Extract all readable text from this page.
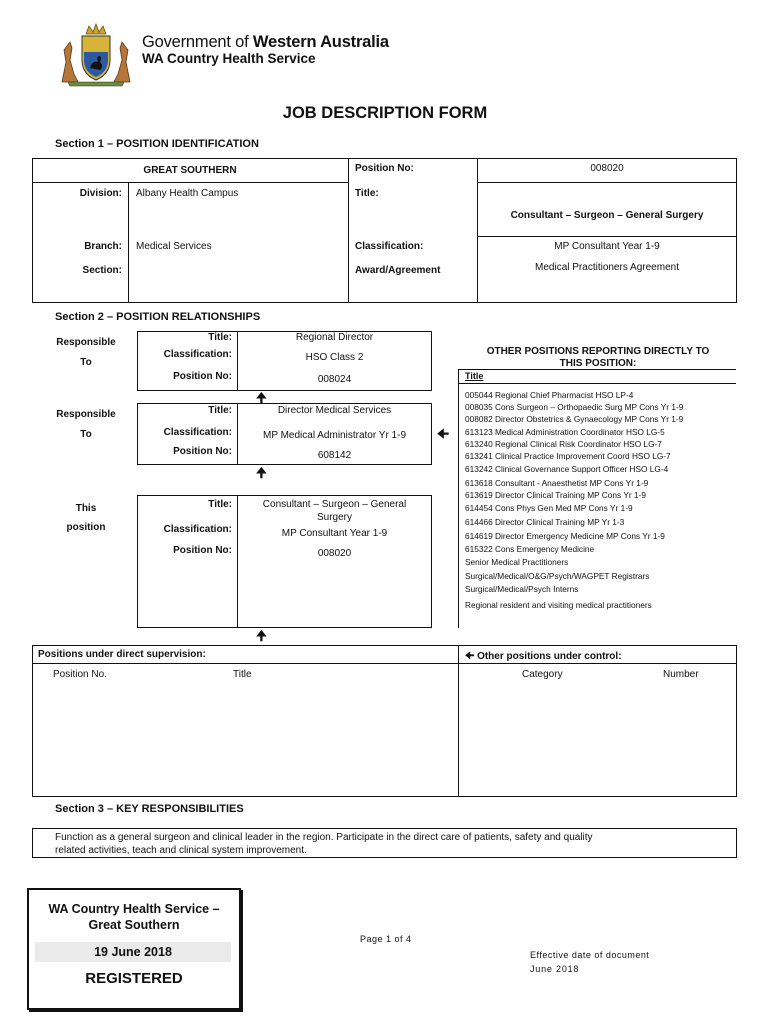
Government of Western Australia
WA Country Health Service
JOB DESCRIPTION FORM
Section 1 – POSITION IDENTIFICATION
GREAT SOUTHERN	Position No:	008020
Division: Albany Health Campus	Title:
Consultant – Surgeon – General Surgery
Branch: Medical Services	Classification:	MP Consultant Year 1-9
Section:	Award/Agreement	Medical Practitioners Agreement
Section 2 – POSITION RELATIONSHIPS
Responsible
To
Responsible
To
This
position
Title:	Regional Director
Classification:	HSO Class 2
Position No:	008024
🠉
Title:	Director Medical Services
Classification:	MP Medical Administrator Yr 1-9
Position No:	608142
🠈
🠉
Title:	Consultant – Surgeon – General
Surgery
Classification:	MP Consultant Year 1-9
Position No:	008020
🠉
OTHER POSITIONS REPORTING DIRECTLY TO
THIS POSITION:
Title
005044 Regional Chief Pharmacist HSO LP-4
008035 Cons Surgeon – Orthopaedic Surg MP Cons Yr 1-9
008082 Director Obstetrics & Gynaecology MP Cons Yr 1-9
613123 Medical Administration Coordinator HSO LG-5
613240 Regional Clinical Risk Coordinator HSO LG-7
613241 Clinical Practice Improvement Coord HSO LG-7
613242 Clinical Governance Support Officer HSO LG-4
613618 Consultant - Anaesthetist MP Cons Yr 1-9
613619 Director Clinical Training MP Cons Yr 1-9
614454 Cons Phys Gen Med MP Cons Yr 1-9
614466 Director Clinical Training MP Yr 1-3
614619 Director Emergency Medicine MP Cons Yr 1-9
615322 Cons Emergency Medicine
Senior Medical Practitioners
Surgical/Medical/O&G/Psych/WAGPET Registrars
Surgical/Medical/Psych Interns
Regional resident and visiting medical practitioners
Positions under direct supervision:	🠈 Other positions under control:
Position No.	Title	Category	Number
Section 3 – KEY RESPONSIBILITIES
Function as a general surgeon and clinical leader in the region. Participate in the direct care of patients, safety and quality
related activities, teach and clinical system improvement.
WA Country Health Service –
Great Southern
19 June 2018
REGISTERED
Page 1 of 4
Effective date of document
June 2018
